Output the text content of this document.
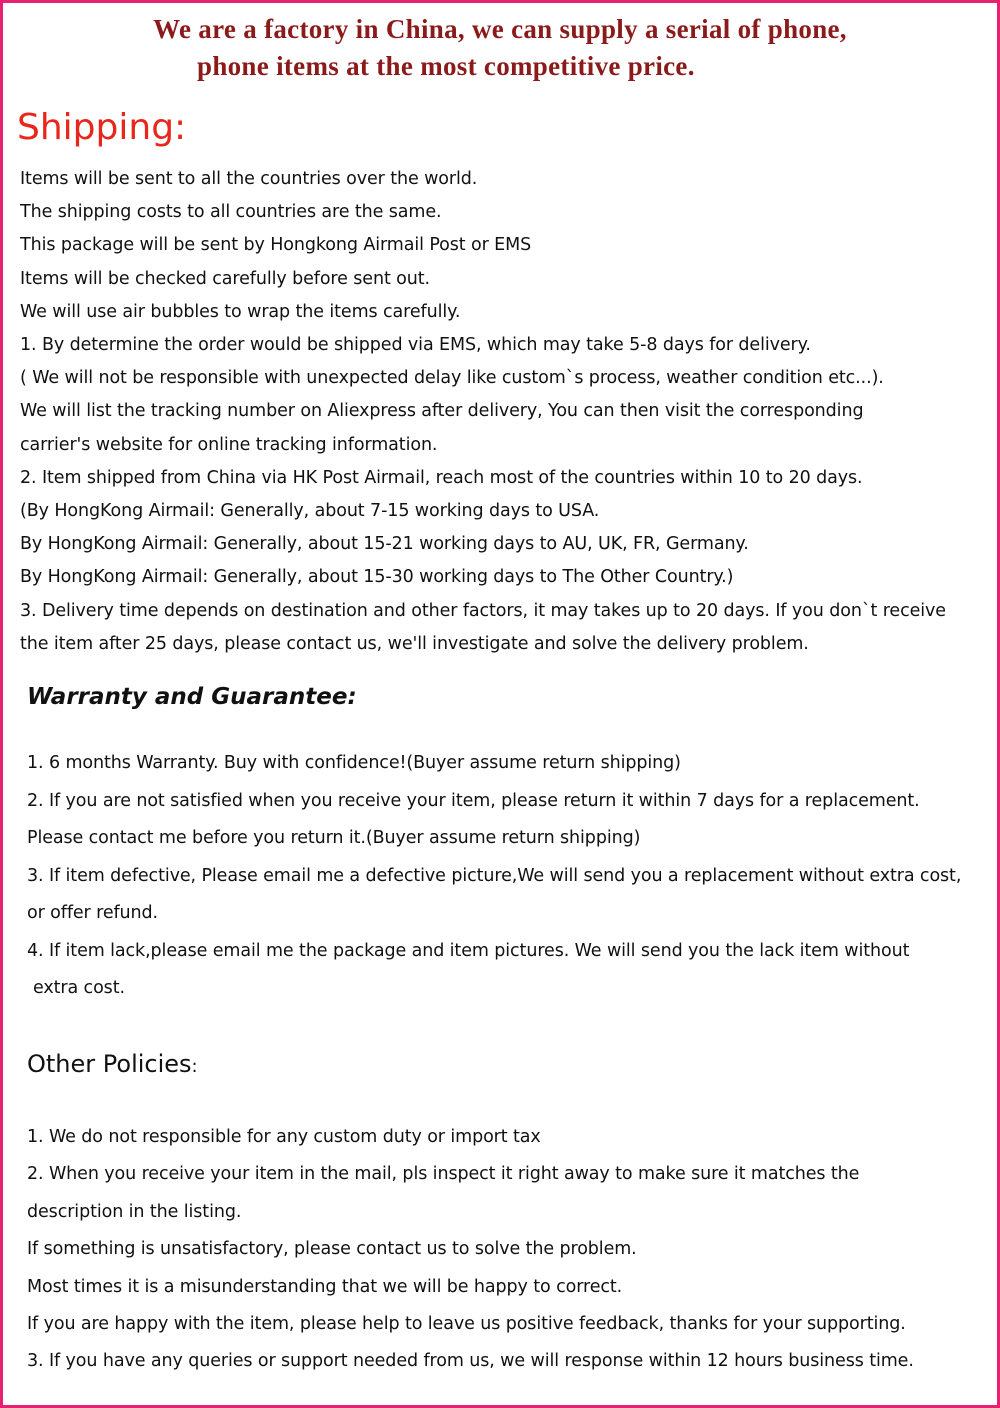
We are a factory in China, we can supply a serial of phone,
phone items at the most competitive price.
Shipping:
Items will be sent to all the countries over the world.
The shipping costs to all countries are the same.
This package will be sent by Hongkong Airmail Post or EMS
Items will be checked carefully before sent out.
We will use air bubbles to wrap the items carefully.
1. By determine the order would be shipped via EMS, which may take 5-8 days for delivery.
( We will not be responsible with unexpected delay like custom`s process, weather condition etc...).
We will list the tracking number on Aliexpress after delivery, You can then visit the corresponding
carrier's website for online tracking information.
2. Item shipped from China via HK Post Airmail, reach most of the countries within 10 to 20 days.
(By HongKong Airmail: Generally, about 7-15 working days to USA.
By HongKong Airmail: Generally, about 15-21 working days to AU, UK, FR, Germany.
By HongKong Airmail: Generally, about 15-30 working days to The Other Country.)
3. Delivery time depends on destination and other factors, it may takes up to 20 days. If you don`t receive
the item after 25 days, please contact us, we'll investigate and solve the delivery problem.
Warranty and Guarantee:
1. 6 months Warranty. Buy with confidence!(Buyer assume return shipping)
2. If you are not satisfied when you receive your item, please return it within 7 days for a replacement.
Please contact me before you return it.(Buyer assume return shipping)
3. If item defective, Please email me a defective picture,We will send you a replacement without extra cost,
or offer refund.
4. If item lack,please email me the package and item pictures. We will send you the lack item without
extra cost.
Other Policies:
1. We do not responsible for any custom duty or import tax
2. When you receive your item in the mail, pls inspect it right away to make sure it matches the
description in the listing.
If something is unsatisfactory, please contact us to solve the problem.
Most times it is a misunderstanding that we will be happy to correct.
If you are happy with the item, please help to leave us positive feedback, thanks for your supporting.
3. If you have any queries or support needed from us, we will response within 12 hours business time.
